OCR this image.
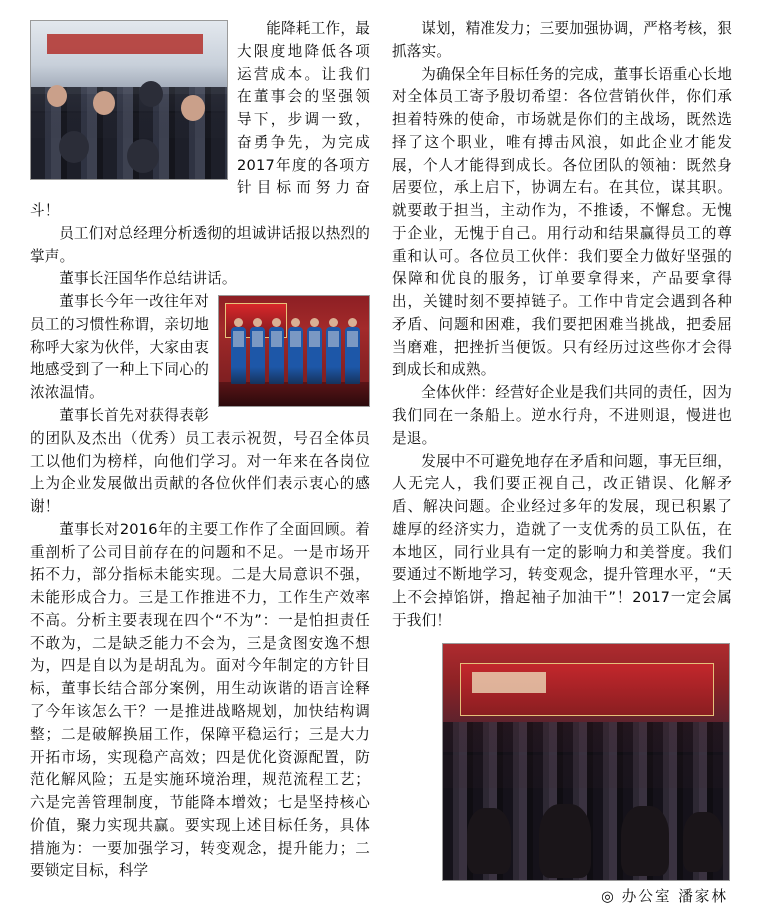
能降耗工作，最大限度地降低各项运营成本。让我们在董事会的坚强领导下，步调一致，奋勇争先，为完成2017年度的各项方针目标而努力奋斗！

员工们对总经理分析透彻的坦诚讲话报以热烈的掌声。

董事长汪国华作总结讲话。

董事长今年一改往年对员工的习惯性称谓，亲切地称呼大家为伙伴，大家由衷地感受到了一种上下同心的浓浓温情。

董事长首先对获得表彰的团队及杰出（优秀）员工表示祝贺，号召全体员工以他们为榜样，向他们学习。对一年来在各岗位上为企业发展做出贡献的各位伙伴们表示衷心的感谢！

董事长对2016年的主要工作作了全面回顾。着重剖析了公司目前存在的问题和不足。一是市场开拓不力，部分指标未能实现。二是大局意识不强，未能形成合力。三是工作推进不力，工作生产效率不高。分析主要表现在四个“不为”：一是怕担责任不敢为，二是缺乏能力不会为，三是贪图安逸不想为，四是自以为是胡乱为。面对今年制定的方针目标，董事长结合部分案例，用生动诙谐的语言诠释了今年该怎么干？一是推进战略规划，加快结构调整；二是破解换届工作，保障平稳运行；三是大力开拓市场，实现稳产高效；四是优化资源配置，防范化解风险；五是实施环境治理，规范流程工艺；六是完善管理制度，节能降本增效；七是坚持核心价值，聚力实现共赢。要实现上述目标任务，具体措施为：一要加强学习，转变观念，提升能力；二要锁定目标，科学

谋划，精准发力；三要加强协调，严格考核，狠抓落实。

为确保全年目标任务的完成，董事长语重心长地对全体员工寄予殷切希望：各位营销伙伴，你们承担着特殊的使命，市场就是你们的主战场，既然选择了这个职业，唯有搏击风浪，如此企业才能发展，个人才能得到成长。各位团队的领袖：既然身居要位，承上启下，协调左右。在其位，谋其职。就要敢于担当，主动作为，不推诿，不懈怠。无愧于企业，无愧于自己。用行动和结果赢得员工的尊重和认可。各位员工伙伴：我们要全力做好坚强的保障和优良的服务，订单要拿得来，产品要拿得出，关键时刻不要掉链子。工作中肯定会遇到各种矛盾、问题和困难，我们要把困难当挑战，把委屈当磨难，把挫折当便饭。只有经历过这些你才会得到成长和成熟。

全体伙伴：经营好企业是我们共同的责任，因为我们同在一条船上。逆水行舟，不进则退，慢进也是退。

发展中不可避免地存在矛盾和问题，事无巨细，人无完人，我们要正视自己，改正错误、化解矛盾、解决问题。企业经过多年的发展，现已积累了雄厚的经济实力，造就了一支优秀的员工队伍，在本地区，同行业具有一定的影响力和美誉度。我们要通过不断地学习，转变观念，提升管理水平，“天上不会掉馅饼，撸起袖子加油干”！2017一定会属于我们！

◎ 办公室 潘家林
